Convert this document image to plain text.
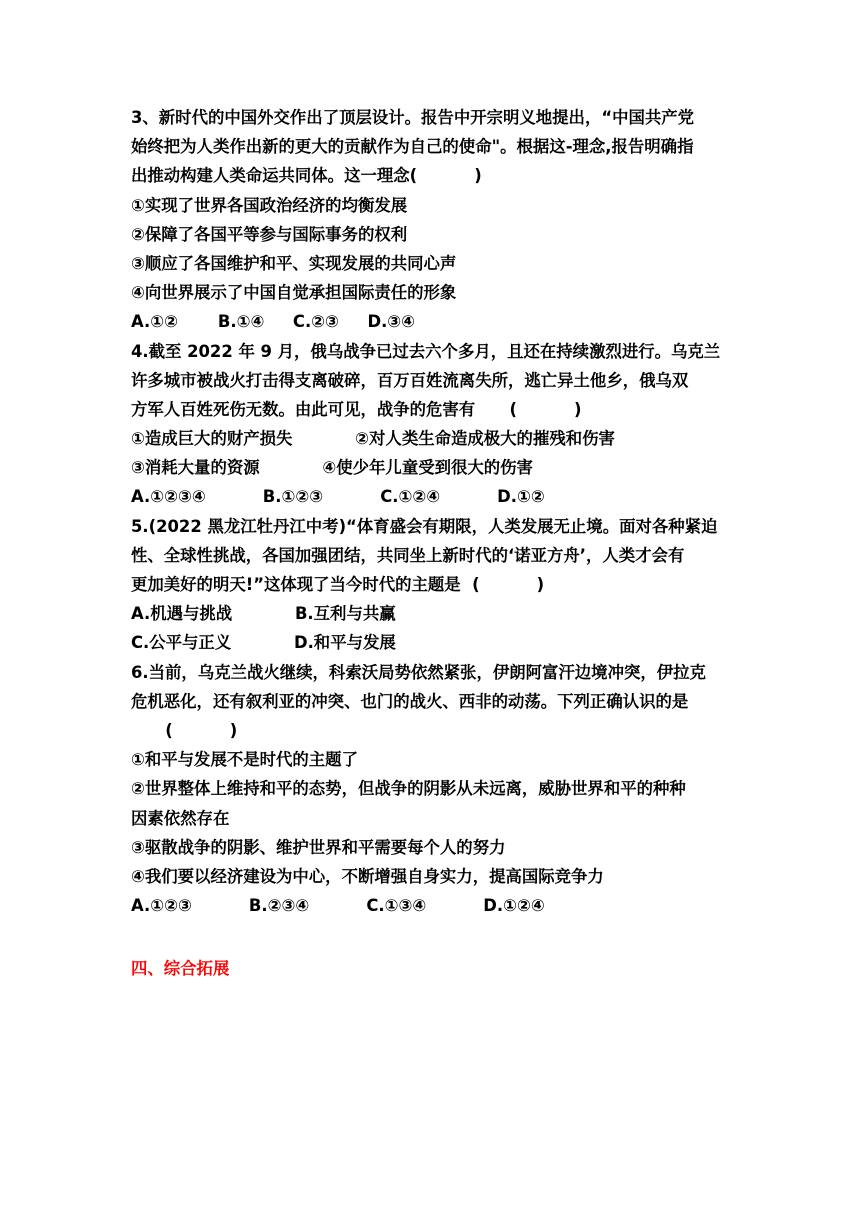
3、新时代的中国外交作出了顶层设计。报告中开宗明义地提出，“中国共产党
始终把为人类作出新的更大的贡献作为自己的使命"。根据这-理念,报告明确指
出推动构建人类命运共同体。这一理念(          )
①实现了世界各国政治经济的均衡发展
②保障了各国平等参与国际事务的权利
③顺应了各国维护和平、实现发展的共同心声
④向世界展示了中国自觉承担国际责任的形象
A.①②       B.①④     C.②③     D.③④
4.截至 2022 年 9 月，俄乌战争已过去六个多月，且还在持续激烈进行。乌克兰
许多城市被战火打击得支离破碎，百万百姓流离失所，逃亡异土他乡，俄乌双
方军人百姓死伤无数。由此可见，战争的危害有      (          )
①造成巨大的财产损失           ②对人类生命造成极大的摧残和伤害
③消耗大量的资源           ④使少年儿童受到很大的伤害
A.①②③④          B.①②③          C.①②④          D.①②
5.(2022 黑龙江牡丹江中考)“体育盛会有期限，人类发展无止境。面对各种紧迫
性、全球性挑战，各国加强团结，共同坐上新时代的‘诺亚方舟’，人类才会有
更加美好的明天!”这体现了当今时代的主题是  (          )
A.机遇与挑战           B.互利与共赢
C.公平与正义           D.和平与发展
6.当前，乌克兰战火继续，科索沃局势依然紧张，伊朗阿富汗边境冲突，伊拉克
危机恶化，还有叙利亚的冲突、也门的战火、西非的动荡。下列正确认识的是
(          )
①和平与发展不是时代的主题了
②世界整体上维持和平的态势，但战争的阴影从未远离，威胁世界和平的种种
因素依然存在
③驱散战争的阴影、维护世界和平需要每个人的努力
④我们要以经济建设为中心，不断增强自身实力，提高国际竞争力
A.①②③          B.②③④          C.①③④          D.①②④
四、综合拓展
